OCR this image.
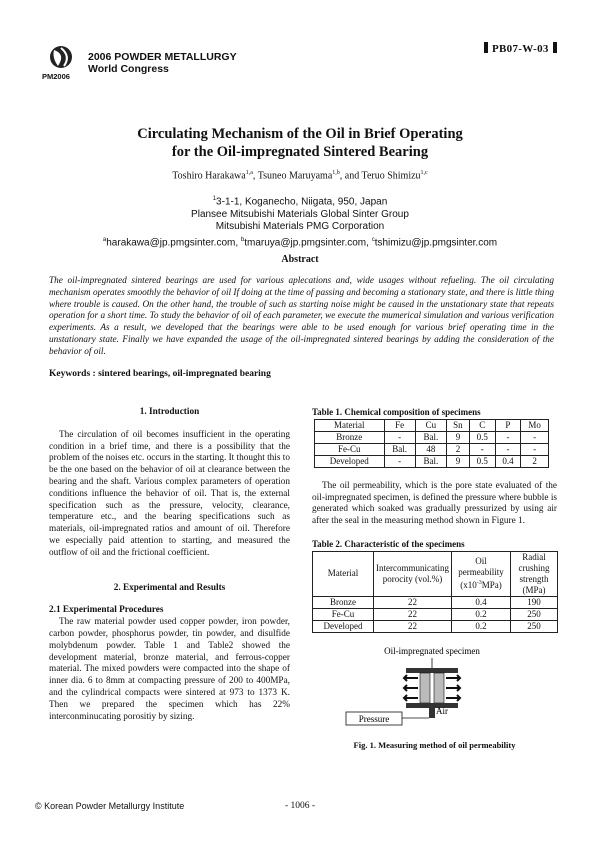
2006 POWDER METALLURGY
World Congress
PM2006
PB07-W-03
Circulating Mechanism of the Oil in Brief Operating
for the Oil-impregnated Sintered Bearing
Toshiro Harakawa$^{1,a}$, Tsuneo Maruyama$^{1,b}$, and Teruo Shimizu$^{1,c}$
$^1$3-1-1, Koganecho, Niigata, 950, Japan
Plansee Mitsubishi Materials Global Sinter Group
Mitsubishi Materials PMG Corporation
$^a$harakawa@jp.pmgsinter.com, $^b$tmaruya@jp.pmgsinter.com, $^c$tshimizu@jp.pmgsinter.com
Abstract
The oil-impregnated sintered bearings are used for various aplecations and, wide usages without refueling. The oil circulating mechanism operates smoothly the behavior of oil If doing at the time of passing and becoming a stationary state, and there is little thing where trouble is caused. On the other hand, the trouble of such as starting noise might be caused in the unstationary state that repeats operation for a short time. To study the behavior of oil of each parameter, we execute the mumerical simulation and various verification experiments. As a result, we developed that the bearings were able to be used enough for various brief operating time in the unstationary state. Finally we have expanded the usage of the oil-impregnated sintered bearings by adding the consideration of the behavior of oil.
Keywords : sintered bearings, oil-impregnated bearing

1. Introduction

The circulation of oil becomes insufficient in the operating condition in a brief time, and there is a possibility that the problem of the noises etc. occurs in the starting. It thought this to be the one based on the behavior of oil at clearance between the bearing and the shaft. Various complex parameters of operation conditions influence the behavior of oil. That is, the external specification such as the pressure, velocity, clearance, temperature etc., and the bearing specifications such as materials, oil-impregnated ratios and amount of oil. Therefore we especially paid attention to starting, and measured the outflow of oil and the frictional coefficient.

2. Experimental and Results

2.1 Experimental Procedures

The raw material powder used copper powder, iron powder, carbon powder, phosphorus powder, tin powder, and disulfide molybdenum powder. Table 1 and Table2 showed the development material, bronze material, and ferrous-copper material. The mixed powders were compacted into the shape of inner dia. 6 to 8mm at compacting pressure of 200 to 400MPa, and the cylindrical compacts were sintered at 973 to 1373 K. Then we prepared the specimen which has 22% interconminucating porositiy by sizing.

Table 1. Chemical composition of specimens
Material	Fe	Cu	Sn	C	P	Mo
Bronze	-	Bal.	9	0.5	-	-
Fe-Cu	Bal.	48	2	-	-	-
Developed	-	Bal.	9	0.5	0.4	2

The oil permeability, which is the pore state evaluated of the oil-impregnated specimen, is defined the pressure where bubble is generated which soaked was gradually pressurized by using air after the seal in the measuring method shown in Figure 1.

Table 2. Characteristic of the specimens
Material	Intercommunicating porocity (vol.%)	Oil permeability $(x10^{-3}MPa)$	Radial crushing strength (MPa)
Bronze	22	0.4	190
Fe-Cu	22	0.2	250
Developed	22	0.2	250
Oil-impregnated specimen
Pressure
Air
Fig. 1. Measuring method of oil permeability
© Korean Powder Metallurgy Institute	- 1006 -
